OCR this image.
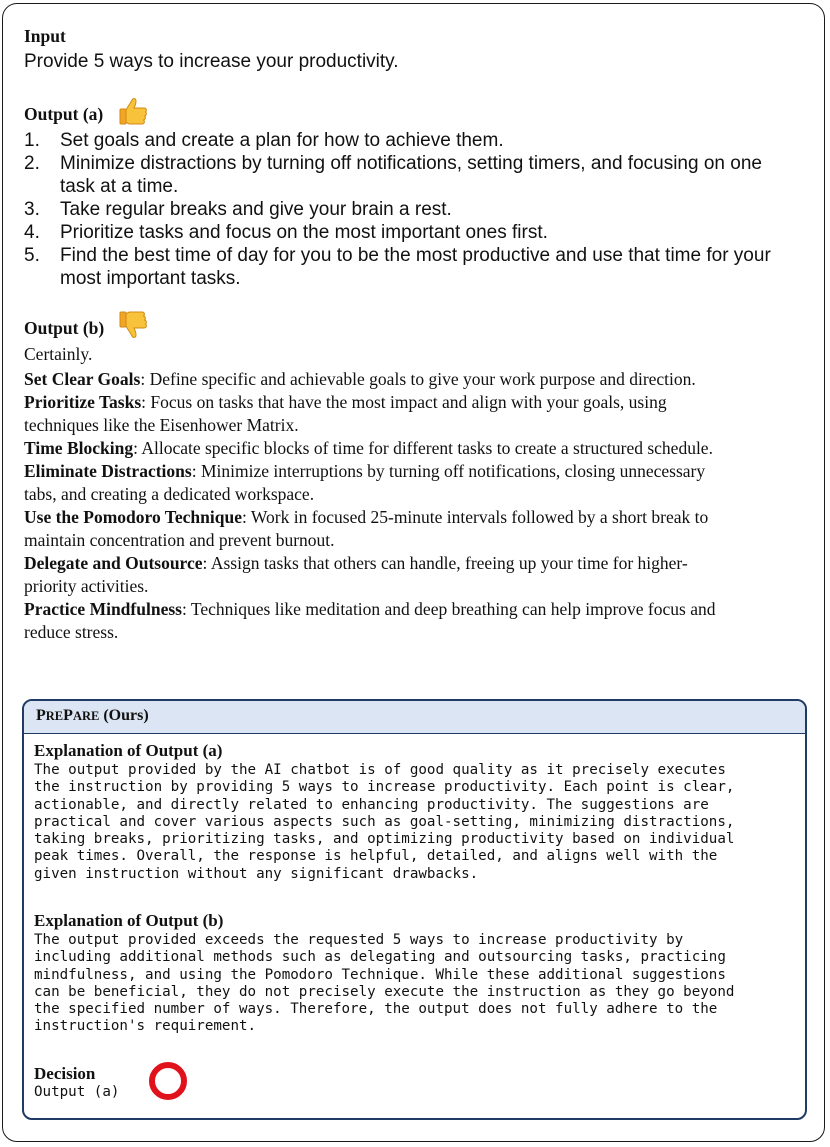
Input
Provide 5 ways to increase your productivity.
Output (a)
1. Set goals and create a plan for how to achieve them.
2. Minimize distractions by turning off notifications, setting timers, and focusing on one
task at a time.
3. Take regular breaks and give your brain a rest.
4. Prioritize tasks and focus on the most important ones first.
5. Find the best time of day for you to be the most productive and use that time for your
most important tasks.
Output (b)
Certainly.
Set Clear Goals: Define specific and achievable goals to give your work purpose and direction.
Prioritize Tasks: Focus on tasks that have the most impact and align with your goals, using
techniques like the Eisenhower Matrix.
Time Blocking: Allocate specific blocks of time for different tasks to create a structured schedule.
Eliminate Distractions: Minimize interruptions by turning off notifications, closing unnecessary
tabs, and creating a dedicated workspace.
Use the Pomodoro Technique: Work in focused 25-minute intervals followed by a short break to
maintain concentration and prevent burnout.
Delegate and Outsource: Assign tasks that others can handle, freeing up your time for higher-
priority activities.
Practice Mindfulness: Techniques like meditation and deep breathing can help improve focus and
reduce stress.
PREPARE (Ours)
Explanation of Output (a)
The output provided by the AI chatbot is of good quality as it precisely executes
the instruction by providing 5 ways to increase productivity. Each point is clear,
actionable, and directly related to enhancing productivity. The suggestions are
practical and cover various aspects such as goal-setting, minimizing distractions,
taking breaks, prioritizing tasks, and optimizing productivity based on individual
peak times. Overall, the response is helpful, detailed, and aligns well with the
given instruction without any significant drawbacks.
Explanation of Output (b)
The output provided exceeds the requested 5 ways to increase productivity by
including additional methods such as delegating and outsourcing tasks, practicing
mindfulness, and using the Pomodoro Technique. While these additional suggestions
can be beneficial, they do not precisely execute the instruction as they go beyond
the specified number of ways. Therefore, the output does not fully adhere to the
instruction's requirement.
Decision
Output (a)
